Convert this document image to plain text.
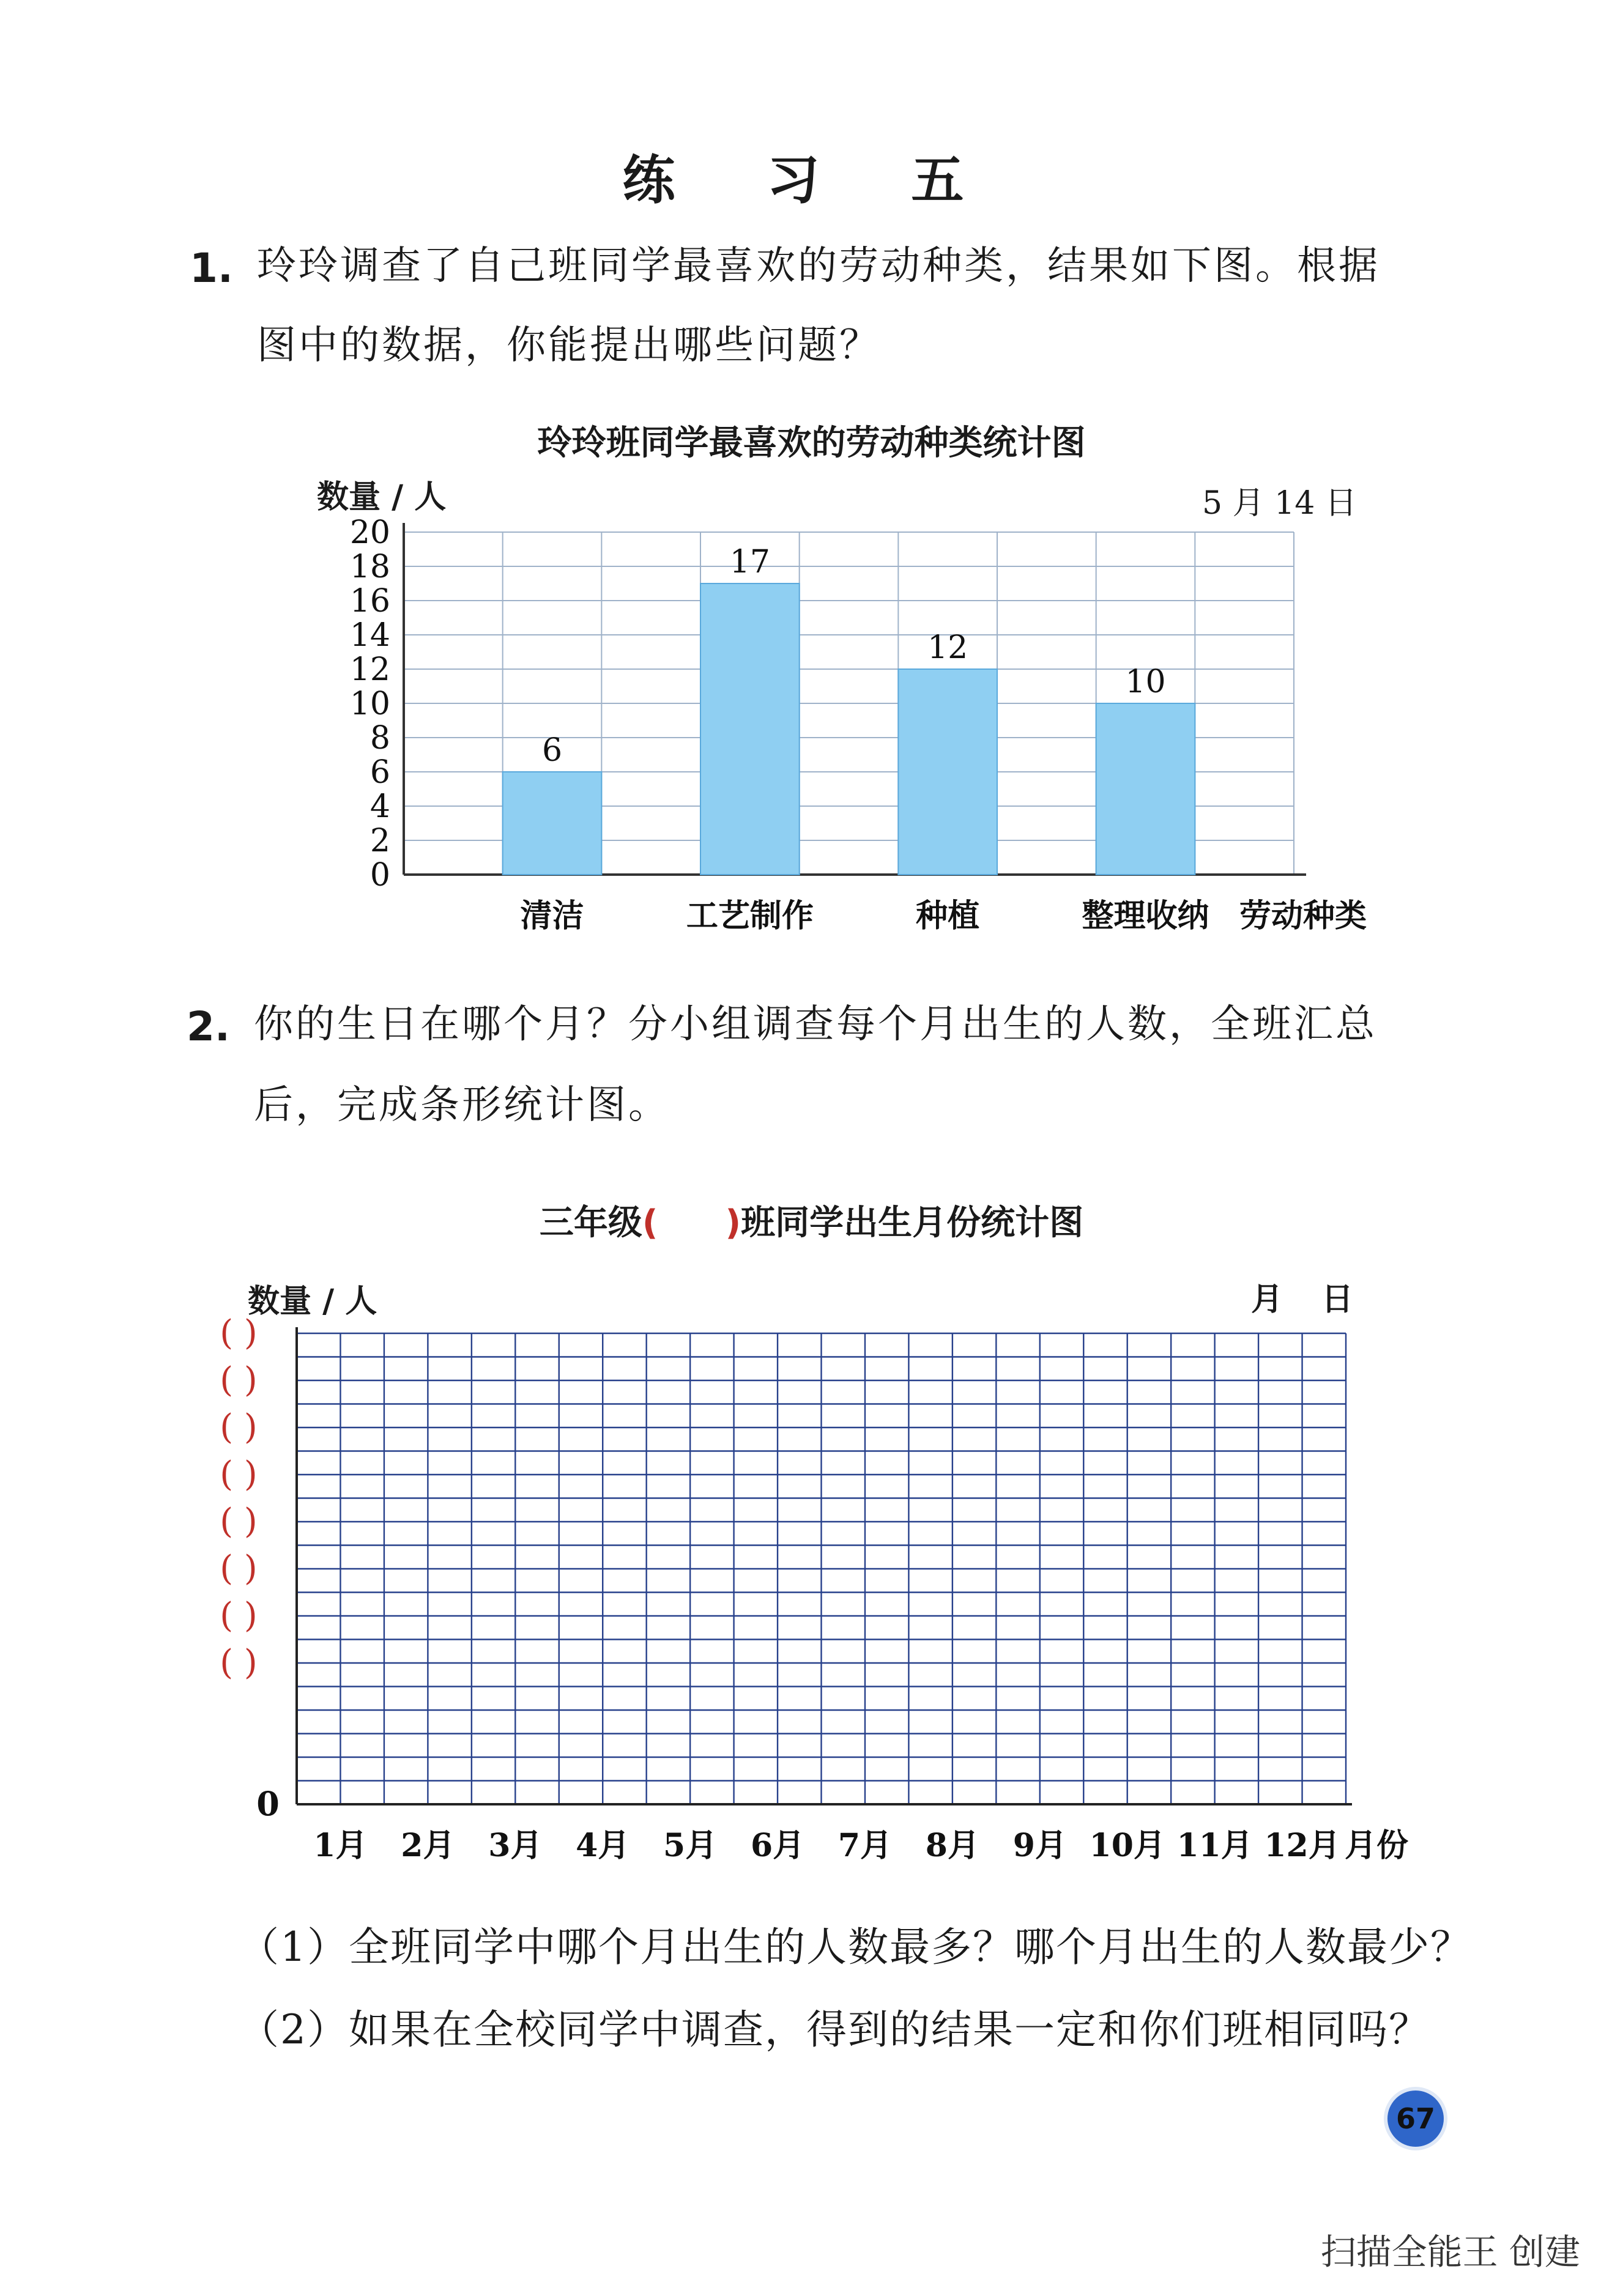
练 习 五
1. 玲玲调查了自己班同学最喜欢的劳动种类，结果如下图。根据
图中的数据，你能提出哪些问题？
玲玲班同学最喜欢的劳动种类统计图
数量 / 人	5 月 14 日
0
2
4
6
8
10
12
14
16
18
20
6
清洁
17
工艺制作
12
种植
10
整理收纳 劳动种类
2. 你的生日在哪个月？分小组调查每个月出生的人数，全班汇总
后，完成条形统计图。
三年级( )班同学出生月份统计图
数量 / 人	月 日
( )
( )
( )
( )
( )
( )
( )
( )
0
1月 2月 3月 4月 5月 6月 7月 8月 9月 10月 11月 12月 月份
（1）全班同学中哪个月出生的人数最多？哪个月出生的人数最少？
（2）如果在全校同学中调查，得到的结果一定和你们班相同吗？
67
扫描全能王 创建
